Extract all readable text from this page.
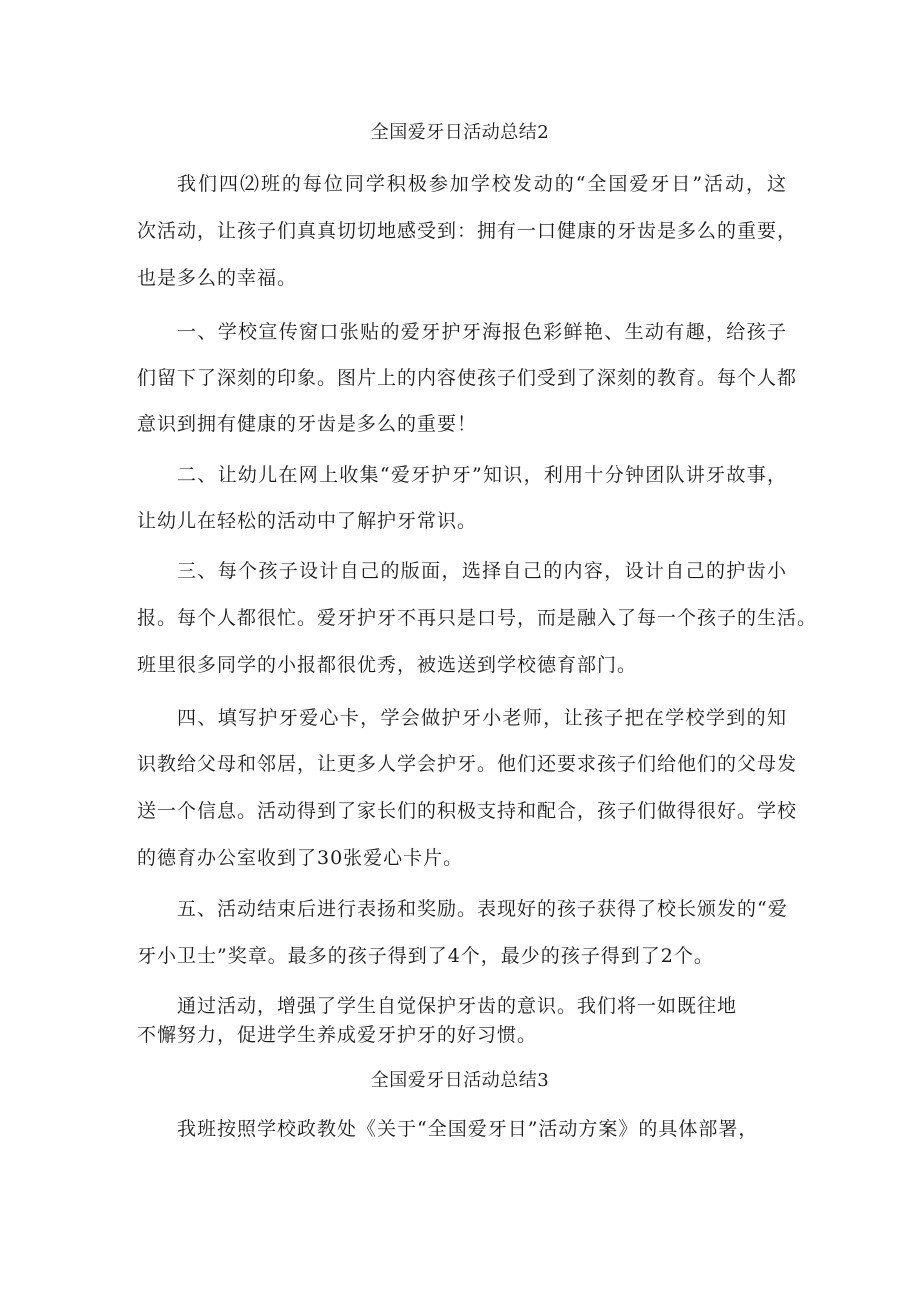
全国爱牙日活动总结2
我们四⑵班的每位同学积极参加学校发动的“全国爱牙日”活动，这
次活动，让孩子们真真切切地感受到：拥有一口健康的牙齿是多么的重要，
也是多么的幸福。
一、学校宣传窗口张贴的爱牙护牙海报色彩鲜艳、生动有趣，给孩子
们留下了深刻的印象。图片上的内容使孩子们受到了深刻的教育。每个人都
意识到拥有健康的牙齿是多么的重要！
二、让幼儿在网上收集“爱牙护牙”知识，利用十分钟团队讲牙故事，
让幼儿在轻松的活动中了解护牙常识。
三、每个孩子设计自己的版面，选择自己的内容，设计自己的护齿小
报。每个人都很忙。爱牙护牙不再只是口号，而是融入了每一个孩子的生活。
班里很多同学的小报都很优秀，被选送到学校德育部门。
四、填写护牙爱心卡，学会做护牙小老师，让孩子把在学校学到的知
识教给父母和邻居，让更多人学会护牙。他们还要求孩子们给他们的父母发
送一个信息。活动得到了家长们的积极支持和配合，孩子们做得很好。学校
的德育办公室收到了30张爱心卡片。
五、活动结束后进行表扬和奖励。表现好的孩子获得了校长颁发的“爱
牙小卫士”奖章。最多的孩子得到了4个，最少的孩子得到了2个。
通过活动，增强了学生自觉保护牙齿的意识。我们将一如既往地
不懈努力，促进学生养成爱牙护牙的好习惯。
全国爱牙日活动总结3
我班按照学校政教处《关于“全国爱牙日”活动方案》的具体部署，
